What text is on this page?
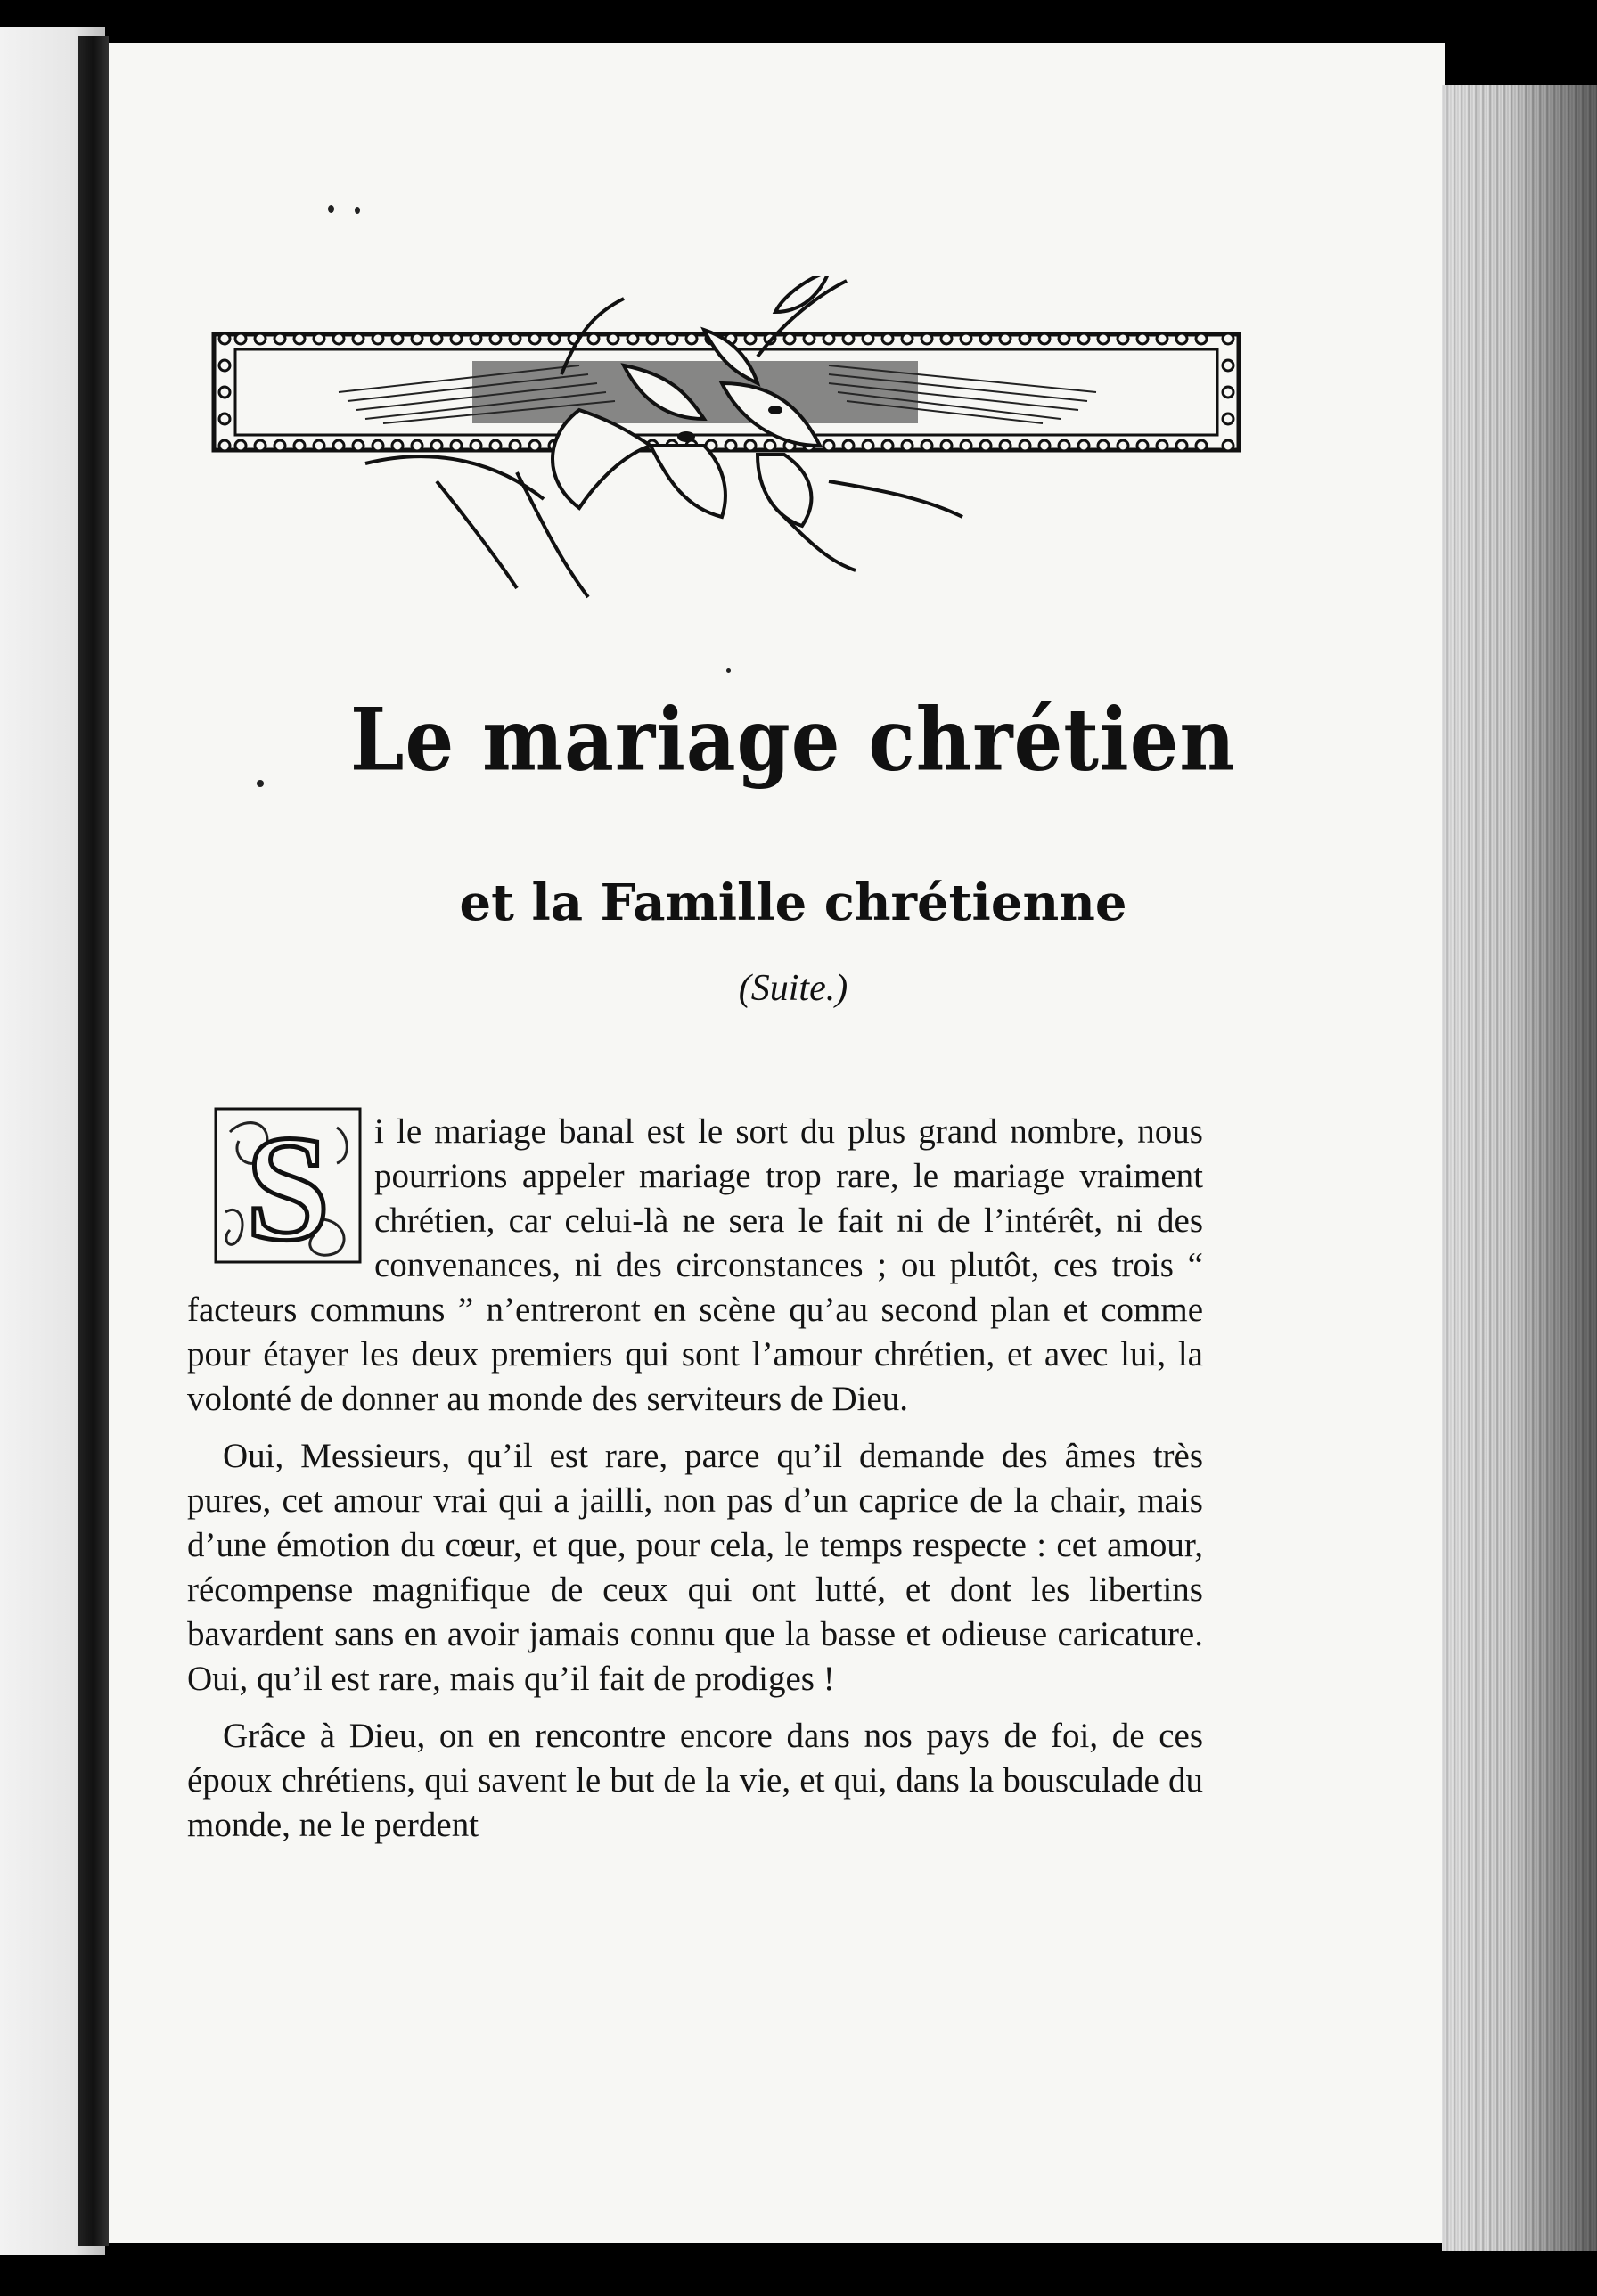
Le mariage chrétien
et la Famille chrétienne
(Suite.)
S	i le mariage banal est le sort du plus grand nombre, nous pourrions appeler mariage trop rare, le mariage vraiment chrétien, car celui-là ne sera le fait ni de l’intérêt, ni des convenances, ni des circonstances ; ou plutôt, ces trois “ facteurs communs ” n’entreront en scène qu’au second plan et comme pour étayer les deux premiers qui sont l’amour chrétien, et avec lui, la volonté de donner au monde des serviteurs de Dieu.

Oui, Messieurs, qu’il est rare, parce qu’il demande des âmes très pures, cet amour vrai qui a jailli, non pas d’un caprice de la chair, mais d’une émotion du cœur, et que, pour cela, le temps respecte : cet amour, récompense magnifique de ceux qui ont lutté, et dont les libertins bavardent sans en avoir jamais connu que la basse et odieuse caricature. Oui, qu’il est rare, mais qu’il fait de prodiges !

Grâce à Dieu, on en rencontre encore dans nos pays de foi, de ces époux chrétiens, qui savent le but de la vie, et qui, dans la bousculade du monde, ne le perdent
